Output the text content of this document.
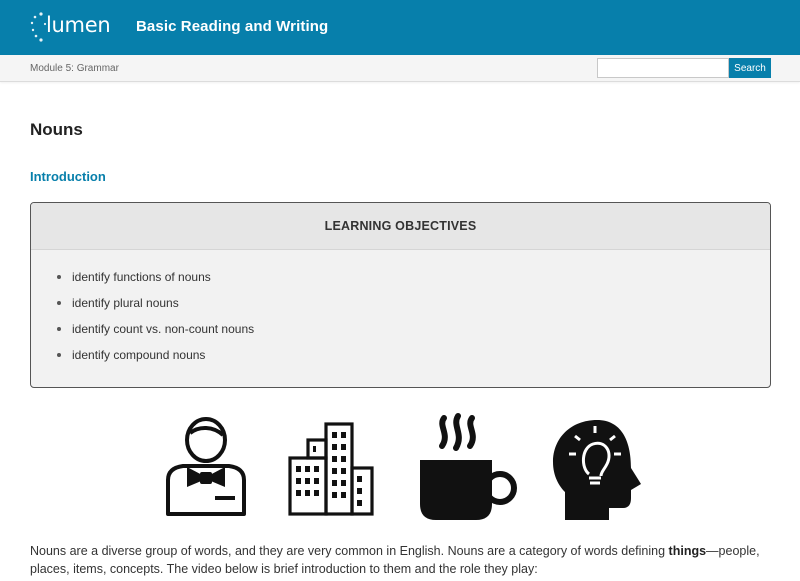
lumen Basic Reading and Writing
Module 5: Grammar	Search
Nouns
Introduction
LEARNING OBJECTIVES
identify functions of nouns
identify plural nouns
identify count vs. non-count nouns
identify compound nouns

Nouns are a diverse group of words, and they are very common in English. Nouns are a category of words defining things—people, places, items, concepts. The video below is brief introduction to them and the role they play:
